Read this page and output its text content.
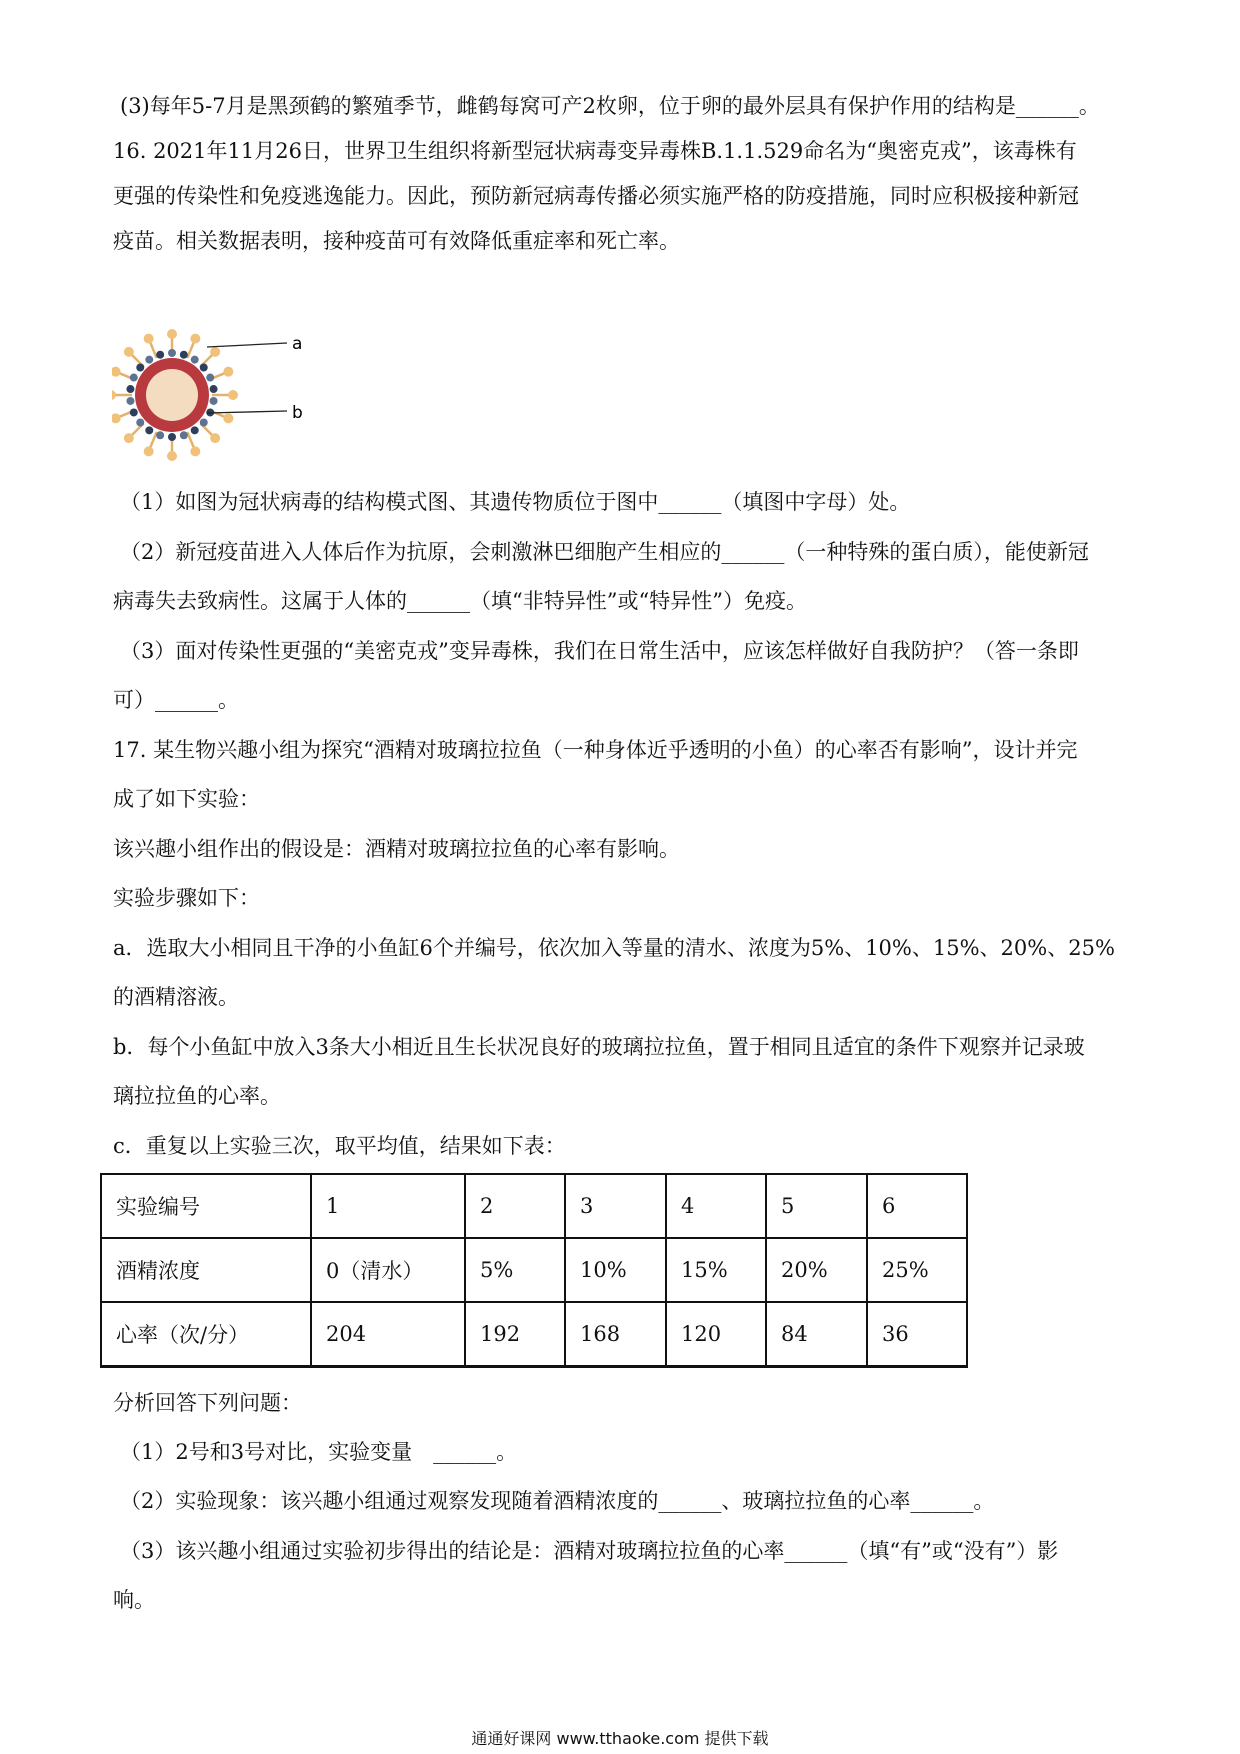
(3)每年5-7月是黑颈鹤的繁殖季节，雌鹤每窝可产2枚卵，位于卵的最外层具有保护作用的结构是______。
16. 2021年11月26日，世界卫生组织将新型冠状病毒变异毒株B.1.1.529命名为“奥密克戎”，该毒株有
更强的传染性和免疫逃逸能力。因此，预防新冠病毒传播必须实施严格的防疫措施，同时应积极接种新冠
疫苗。相关数据表明，接种疫苗可有效降低重症率和死亡率。
a
b
（1）如图为冠状病毒的结构模式图、其遗传物质位于图中______（填图中字母）处。
（2）新冠疫苗进入人体后作为抗原，会刺激淋巴细胞产生相应的______（一种特殊的蛋白质），能使新冠
病毒失去致病性。这属于人体的______（填“非特异性”或“特异性”）免疫。
（3）面对传染性更强的“美密克戎”变异毒株，我们在日常生活中，应该怎样做好自我防护？（答一条即
可）______。
17. 某生物兴趣小组为探究“酒精对玻璃拉拉鱼（一种身体近乎透明的小鱼）的心率否有影响”，设计并完
成了如下实验：
该兴趣小组作出的假设是：酒精对玻璃拉拉鱼的心率有影响。
实验步骤如下：
a．选取大小相同且干净的小鱼缸6个并编号，依次加入等量的清水、浓度为5%、10%、15%、20%、25%
的酒精溶液。
b．每个小鱼缸中放入3条大小相近且生长状况良好的玻璃拉拉鱼，置于相同且适宜的条件下观察并记录玻
璃拉拉鱼的心率。
c．重复以上实验三次，取平均值，结果如下表：
实验编号	1	2	3	4	5	6
酒精浓度	0（清水）	5%	10%	15%	20%	25%
心率（次/分）	204	192	168	120	84	36
分析回答下列问题：
（1）2号和3号对比，实验变量　______。
（2）实验现象：该兴趣小组通过观察发现随着酒精浓度的______、玻璃拉拉鱼的心率______。
（3）该兴趣小组通过实验初步得出的结论是：酒精对玻璃拉拉鱼的心率______（填“有”或“没有”）影
响。
通通好课网 www.tthaoke.com 提供下载
